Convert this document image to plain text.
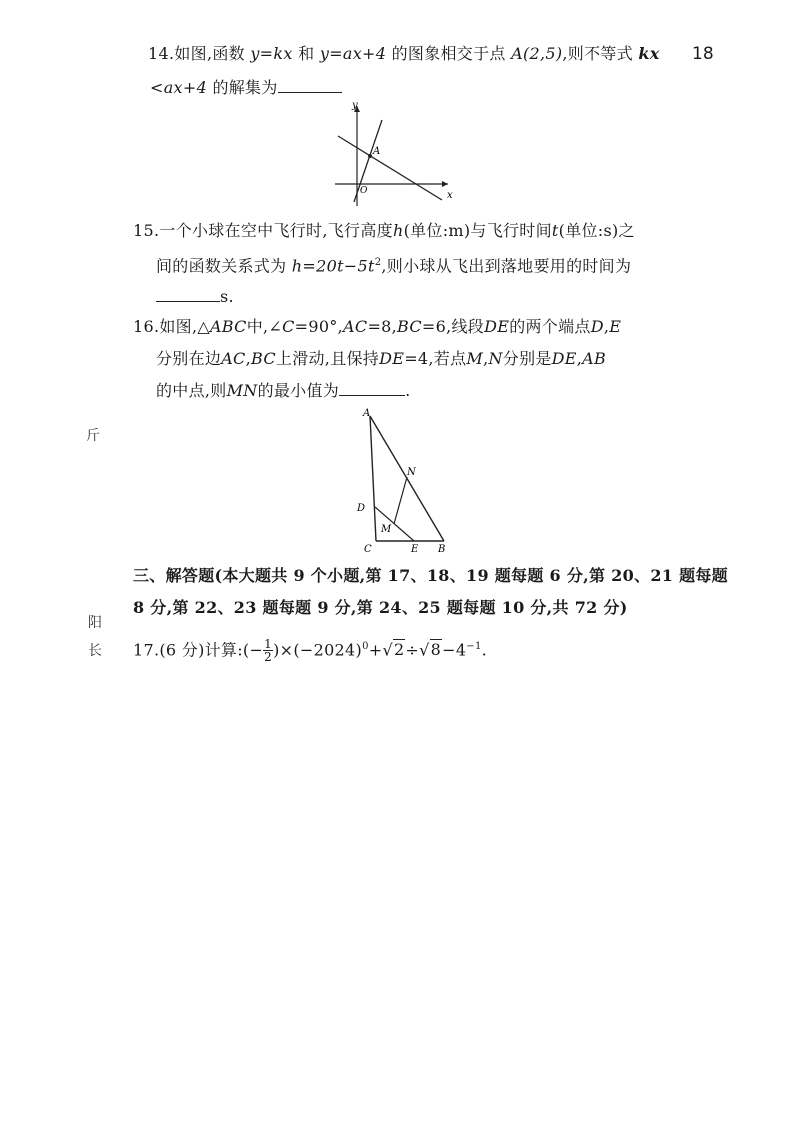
18
斤
阳
长
14.如图,函数 y=kx 和 y=ax+4 的图象相交于点 A(2,5),则不等式 kx
<ax+4 的解集为
y
x
A
O
15.一个小球在空中飞行时,飞行高度h(单位:m)与飞行时间t(单位:s)之
间的函数关系式为 $h=20t-5t^2$,则小球从飞出到落地要用的时间为
s.
16.如图,△ABC中,∠C=90°,AC=8,BC=6,线段DE的两个端点D,E
分别在边AC,BC上滑动,且保持DE=4,若点M,N分别是DE,AB
的中点,则MN的最小值为	.
A
N
D
M
C	E B
三、解答题(本大题共 9 个小题,第 17、18、19 题每题 6 分,第 20、21 题每题
8 分,第 22、23 题每题 9 分,第 24、25 题每题 10 分,共 72 分)
17.(6 分)计算:(− $\frac{1}{2} )\times(-2024)^0+√2\div√8-4^{-1}$.
